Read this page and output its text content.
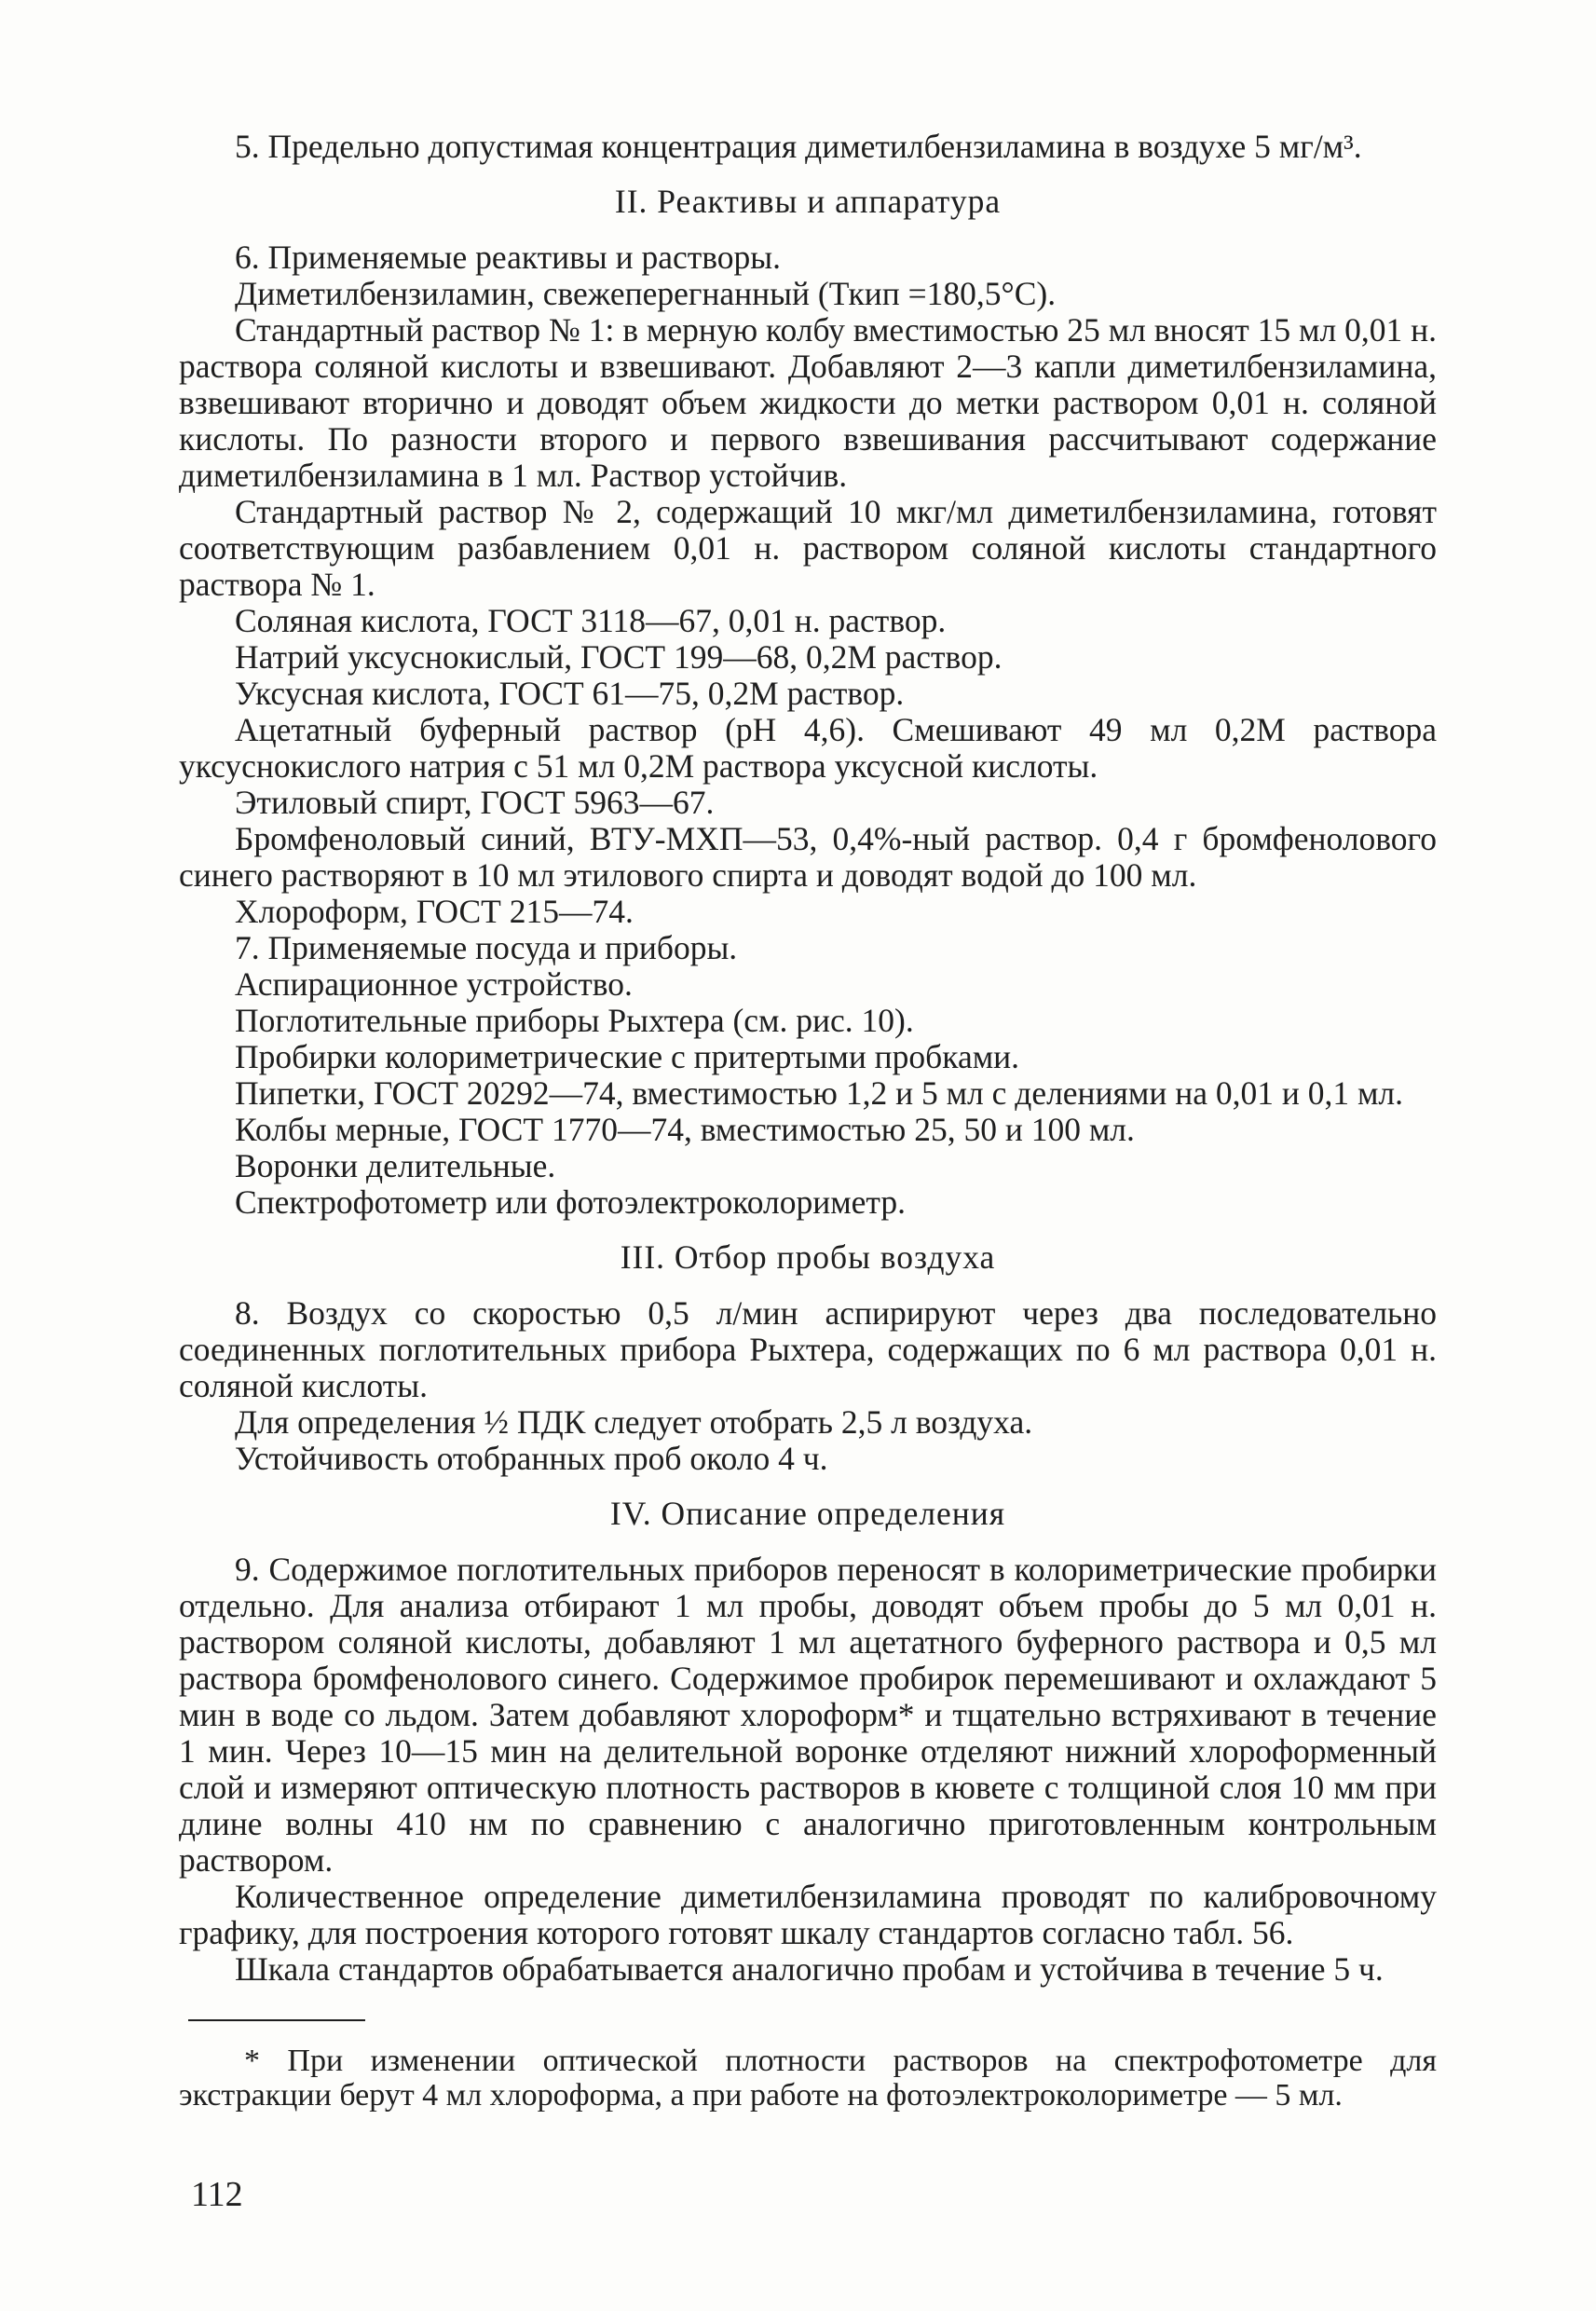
5. Предельно допустимая концентрация диметилбензиламина в воздухе 5 мг/м³.

II. Реактивы и аппаратура

6. Применяемые реактивы и растворы.

Диметилбензиламин, свежеперегнанный (Ткип =180,5°С).

Стандартный раствор № 1: в мерную колбу вместимостью 25 мл вносят 15 мл 0,01 н. раствора соляной кислоты и взвешивают. Добавляют 2—3 капли диметилбензиламина, взвешивают вторично и доводят объем жидкости до метки раствором 0,01 н. соляной кислоты. По разности второго и первого взвешивания рассчитывают содержание диметилбензиламина в 1 мл. Раствор устойчив.

Стандартный раствор № 2, содержащий 10 мкг/мл диметилбензиламина, готовят соответствующим разбавлением 0,01 н. раствором соляной кислоты стандартного раствора № 1.

Соляная кислота, ГОСТ 3118—67, 0,01 н. раствор.

Натрий уксуснокислый, ГОСТ 199—68, 0,2М раствор.

Уксусная кислота, ГОСТ 61—75, 0,2М раствор.

Ацетатный буферный раствор (pH 4,6). Смешивают 49 мл 0,2М раствора уксуснокислого натрия с 51 мл 0,2М раствора уксусной кислоты.

Этиловый спирт, ГОСТ 5963—67.

Бромфеноловый синий, ВТУ-МХП—53, 0,4%-ный раствор. 0,4 г бромфенолового синего растворяют в 10 мл этилового спирта и доводят водой до 100 мл.

Хлороформ, ГОСТ 215—74.

7. Применяемые посуда и приборы.

Аспирационное устройство.

Поглотительные приборы Рыхтера (см. рис. 10).

Пробирки колориметрические с притертыми пробками.

Пипетки, ГОСТ 20292—74, вместимостью 1,2 и 5 мл с делениями на 0,01 и 0,1 мл.

Колбы мерные, ГОСТ 1770—74, вместимостью 25, 50 и 100 мл.

Воронки делительные.

Спектрофотометр или фотоэлектроколориметр.

III. Отбор пробы воздуха

8. Воздух со скоростью 0,5 л/мин аспирируют через два последовательно соединенных поглотительных прибора Рыхтера, содержащих по 6 мл раствора 0,01 н. соляной кислоты.

Для определения ½ ПДК следует отобрать 2,5 л воздуха.

Устойчивость отобранных проб около 4 ч.

IV. Описание определения

9. Содержимое поглотительных приборов переносят в колориметрические пробирки отдельно. Для анализа отбирают 1 мл пробы, доводят объем пробы до 5 мл 0,01 н. раствором соляной кислоты, добавляют 1 мл ацетатного буферного раствора и 0,5 мл раствора бромфенолового синего. Содержимое пробирок перемешивают и охлаждают 5 мин в воде со льдом. Затем добавляют хлороформ* и тщательно встряхивают в течение 1 мин. Через 10—15 мин на делительной воронке отделяют нижний хлороформенный слой и измеряют оптическую плотность растворов в кювете с толщиной слоя 10 мм при длине волны 410 нм по сравнению с аналогично приготовленным контрольным раствором.

Количественное определение диметилбензиламина проводят по калибровочному графику, для построения которого готовят шкалу стандартов согласно табл. 56.

Шкала стандартов обрабатывается аналогично пробам и устойчива в течение 5 ч.

* При изменении оптической плотности растворов на спектрофотометре для экстракции берут 4 мл хлороформа, а при работе на фотоэлектроколориметре — 5 мл.

112
